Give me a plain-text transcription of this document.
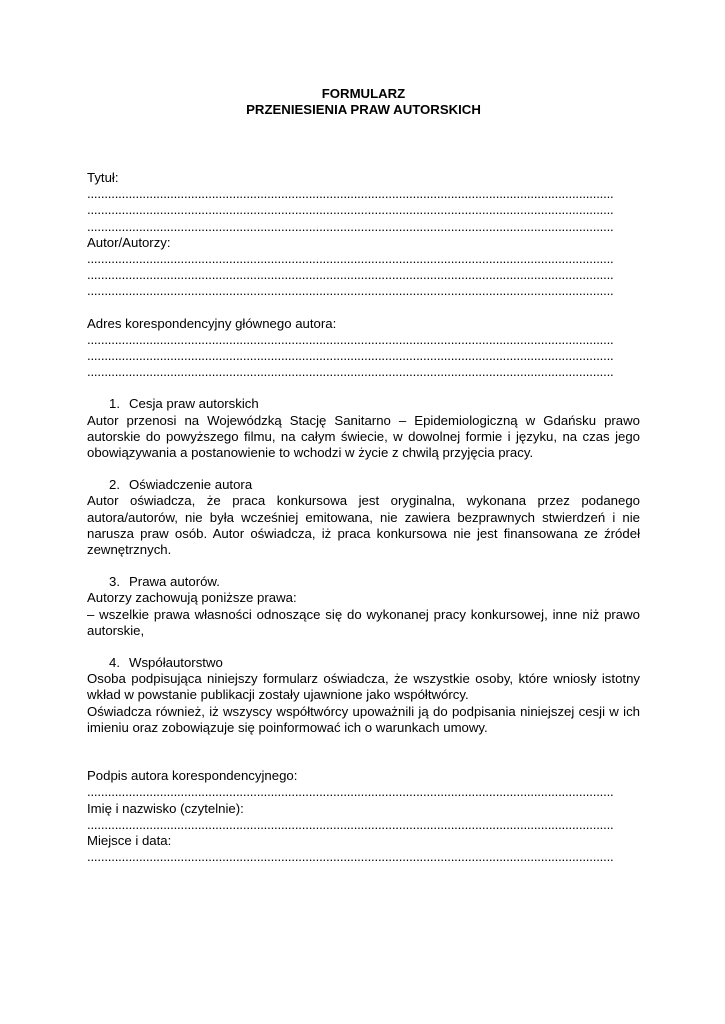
FORMULARZ
PRZENIESIENIA PRAW AUTORSKICH
Tytuł:
........................................................................................................................................................
........................................................................................................................................................
........................................................................................................................................................
Autor/Autorzy:
........................................................................................................................................................
........................................................................................................................................................
........................................................................................................................................................
Adres korespondencyjny głównego autora:
........................................................................................................................................................
........................................................................................................................................................
........................................................................................................................................................
1. Cesja praw autorskich
Autor przenosi na Wojewódzką Stację Sanitarno – Epidemiologiczną w Gdańsku prawo autorskie do powyższego filmu, na całym świecie, w dowolnej formie i języku, na czas jego obowiązywania a postanowienie to wchodzi w życie z chwilą przyjęcia pracy.
2. Oświadczenie autora
Autor oświadcza, że praca konkursowa jest oryginalna, wykonana przez podanego autora/autorów, nie była wcześniej emitowana, nie zawiera bezprawnych stwierdzeń i nie narusza praw osób. Autor oświadcza, iż praca konkursowa nie jest finansowana ze źródeł zewnętrznych.
3. Prawa autorów.
Autorzy zachowują poniższe prawa:
– wszelkie prawa własności odnoszące się do wykonanej pracy konkursowej, inne niż prawo autorskie,
4. Współautorstwo
Osoba podpisująca niniejszy formularz oświadcza, że wszystkie osoby, które wniosły istotny wkład w powstanie publikacji zostały ujawnione jako współtwórcy.
Oświadcza również, iż wszyscy współtwórcy upoważnili ją do podpisania niniejszej cesji w ich imieniu oraz zobowiązuje się poinformować ich o warunkach umowy.
Podpis autora korespondencyjnego:
........................................................................................................................................................
Imię i nazwisko (czytelnie):
........................................................................................................................................................
Miejsce i data:
........................................................................................................................................................
